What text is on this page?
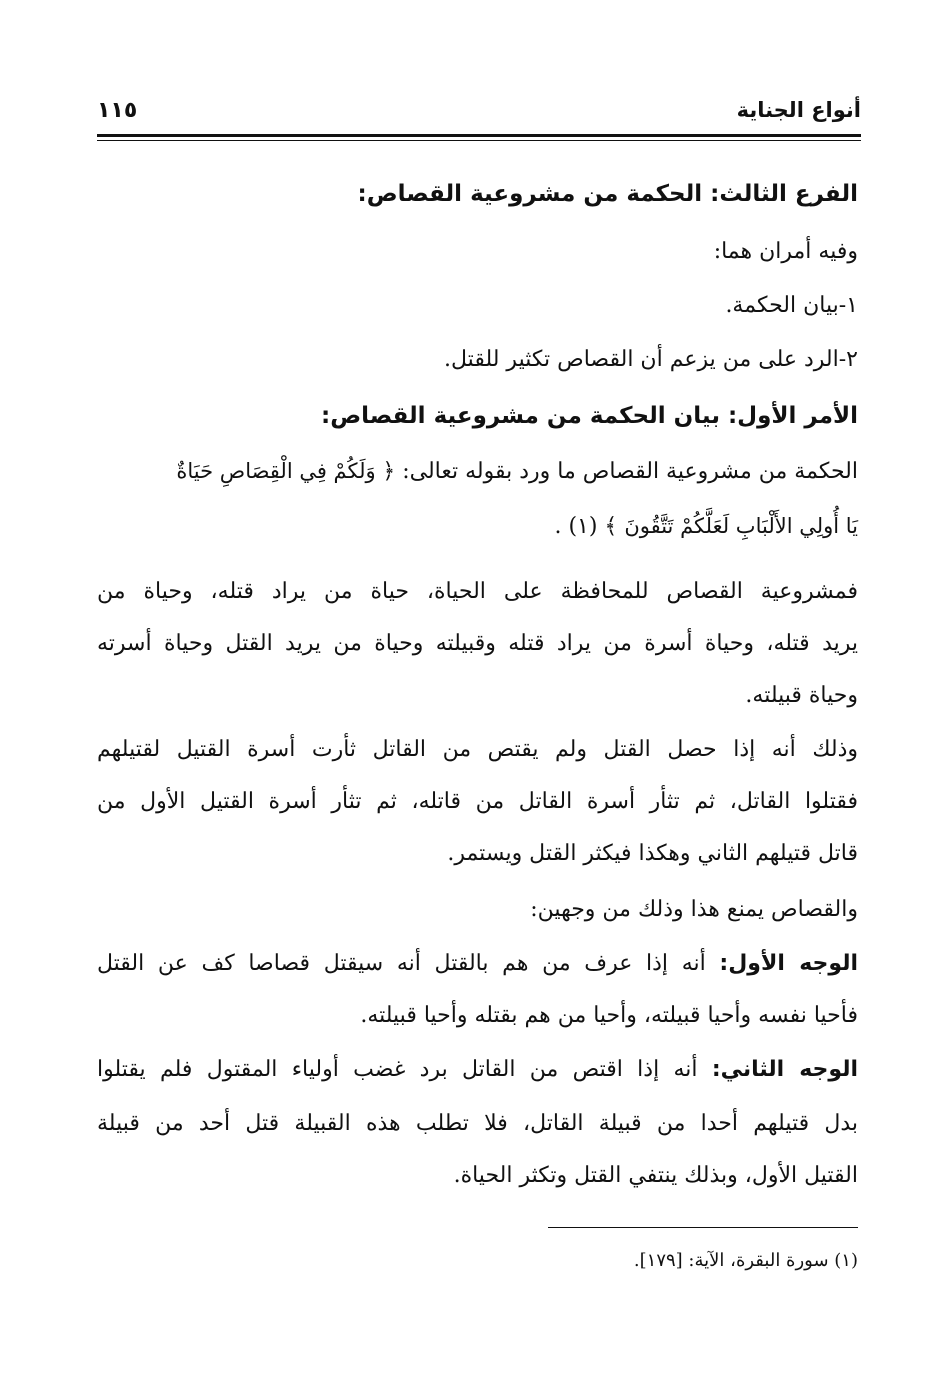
أنواع الجناية
١١٥
الفرع الثالث: الحكمة من مشروعية القصاص:
وفيه أمران هما:
١-بيان الحكمة.
٢-الرد على من يزعم أن القصاص تكثير للقتل.
الأمر الأول: بيان الحكمة من مشروعية القصاص:
الحكمة من مشروعية القصاص ما ورد بقوله تعالى: ﴿ وَلَكُمْ فِي الْقِصَاصِ حَيَاةٌ
يَا أُولِي الأَلْبَابِ لَعَلَّكُمْ تَتَّقُونَ ﴾ (١) .
فمشروعية القصاص للمحافظة على الحياة، حياة من يراد قتله، وحياة من
يريد قتله، وحياة أسرة من يراد قتله وقبيلته وحياة من يريد القتل وحياة أسرته
وحياة قبيلته.
وذلك أنه إذا حصل القتل ولم يقتص من القاتل ثأرت أسرة القتيل لقتيلهم
فقتلوا القاتل، ثم تثأر أسرة القاتل من قاتله، ثم تثأر أسرة القتيل الأول من
قاتل قتيلهم الثاني وهكذا فيكثر القتل ويستمر.
والقصاص يمنع هذا وذلك من وجهين:
الوجه الأول: أنه إذا عرف من هم بالقتل أنه سيقتل قصاصا كف عن القتل
فأحيا نفسه وأحيا قبيلته، وأحيا من هم بقتله وأحيا قبيلته.
الوجه الثاني: أنه إذا اقتص من القاتل برد غضب أولياء المقتول فلم يقتلوا
بدل قتيلهم أحدا من قبيلة القاتل، فلا تطلب هذه القبيلة قتل أحد من قبيلة
القتيل الأول، وبذلك ينتفي القتل وتكثر الحياة.
(١) سورة البقرة، الآية: [١٧٩].
